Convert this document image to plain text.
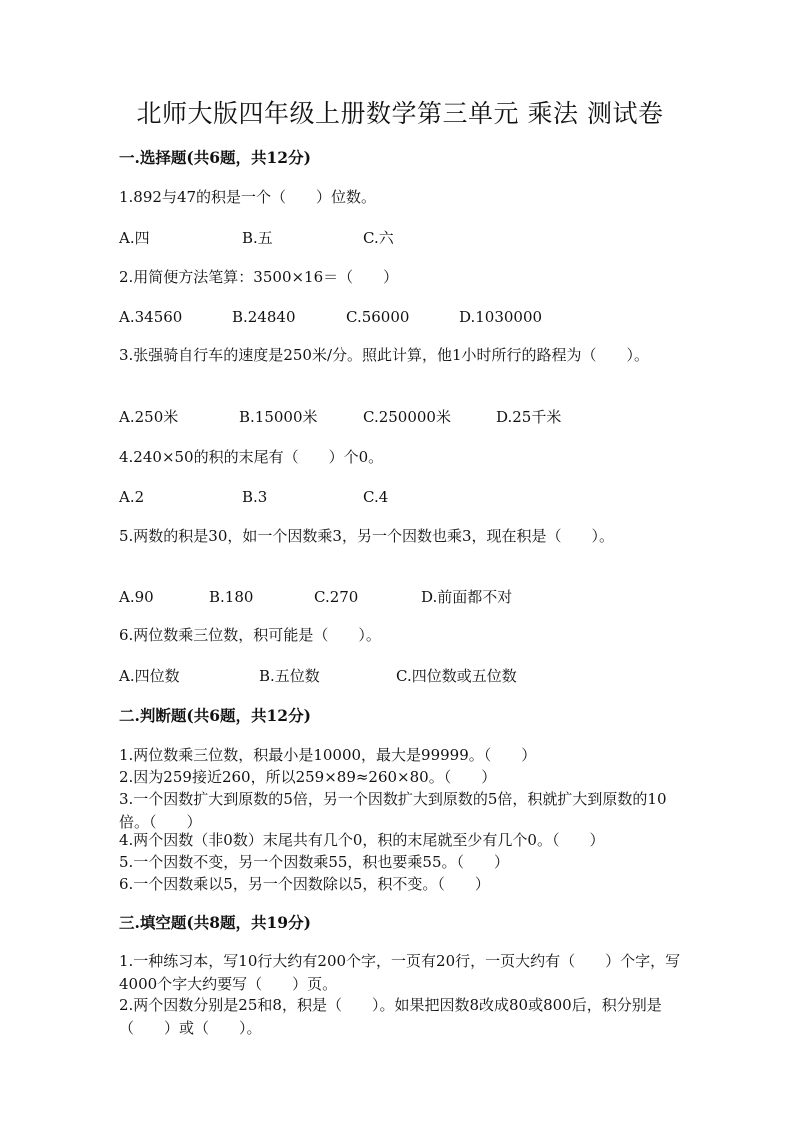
北师大版四年级上册数学第三单元 乘法 测试卷
一.选择题(共6题，共12分)
1.892与47的积是一个（　　）位数。
A.四	B.五	C.六
2.用简便方法笔算：3500×16＝（　　）
A.34560	B.24840	C.56000	D.1030000
3.张强骑自行车的速度是250米/分。照此计算，他1小时所行的路程为（　　）。
A.250米	B.15000米	C.250000米	D.25千米
4.240×50的积的末尾有（　　）个0。
A.2	B.3	C.4
5.两数的积是30，如一个因数乘3，另一个因数也乘3，现在积是（　　）。
A.90	B.180	C.270	D.前面都不对
6.两位数乘三位数，积可能是（　　）。
A.四位数	B.五位数	C.四位数或五位数
二.判断题(共6题，共12分)
1.两位数乘三位数，积最小是10000，最大是99999。（　　）
2.因为259接近260，所以259×89≈260×80。（　　）
3.一个因数扩大到原数的5倍，另一个因数扩大到原数的5倍，积就扩大到原数的10倍。（　　）
4.两个因数（非0数）末尾共有几个0，积的末尾就至少有几个0。（　　）
5.一个因数不变，另一个因数乘55，积也要乘55。（　　）
6.一个因数乘以5，另一个因数除以5，积不变。（　　）
三.填空题(共8题，共19分)
1.一种练习本，写10行大约有200个字，一页有20行，一页大约有（　　）个字，写4000个字大约要写（　　）页。
2.两个因数分别是25和8，积是（　　）。如果把因数8改成80或800后，积分别是（　　）或（　　）。
